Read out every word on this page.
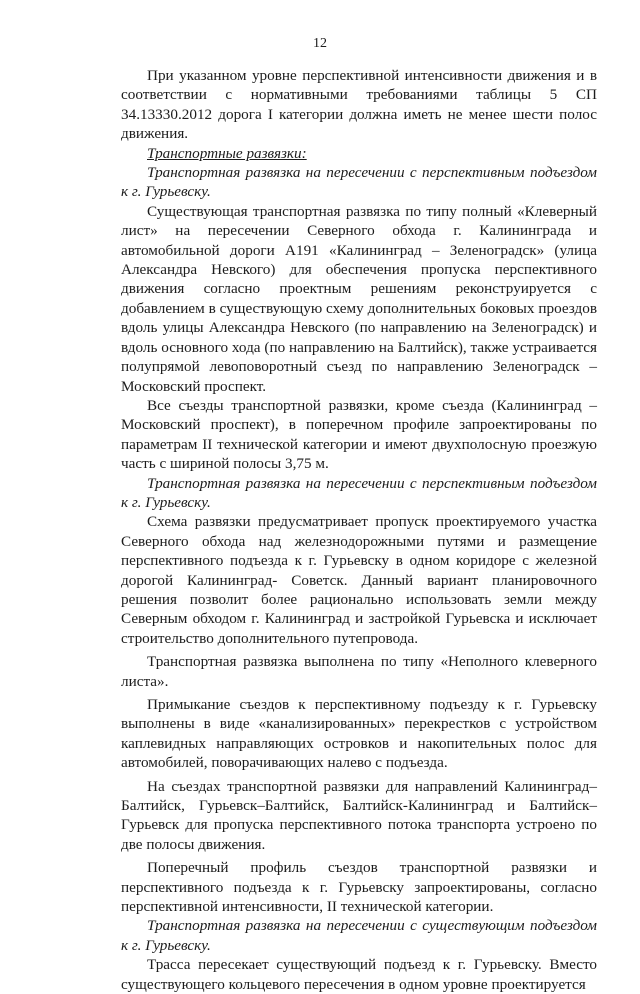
12

При указанном уровне перспективной интенсивности движения и в соответствии с нормативными требованиями таблицы 5 СП 34.13330.2012 дорога I категории должна иметь не менее шести полос движения.

Транспортные развязки:

Транспортная развязка на пересечении с перспективным подъездом к г. Гурьевску.

Существующая транспортная развязка по типу полный «Клеверный лист» на пересечении Северного обхода г. Калининграда и автомобильной дороги А191 «Калининград – Зеленоградск» (улица Александра Невского) для обеспечения пропуска перспективного движения согласно проектным решениям реконструируется с добавлением в существующую схему дополнительных боковых проездов вдоль улицы Александра Невского (по направлению на Зеленоградск) и вдоль основного хода (по направлению на Балтийск), также устраивается полупрямой левоповоротный съезд по направлению Зеленоградск – Московский проспект.

Все съезды транспортной развязки, кроме съезда (Калининград – Московский проспект), в поперечном профиле запроектированы по параметрам II технической категории и имеют двухполосную проезжую часть с шириной полосы 3,75 м.

Транспортная развязка на пересечении с перспективным подъездом к г. Гурьевску.

Схема развязки предусматривает пропуск проектируемого участка Северного обхода над железнодорожными путями и размещение перспективного подъезда к г. Гурьевску в одном коридоре с железной дорогой Калининград- Советск. Данный вариант планировочного решения позволит более рационально использовать земли между Северным обходом г. Калининград и застройкой Гурьевска и исключает строительство дополнительного путепровода.

Транспортная развязка выполнена по типу «Неполного клеверного листа».

Примыкание съездов к перспективному подъезду к г. Гурьевску выполнены в виде «канализированных» перекрестков с устройством каплевидных направляющих островков и накопительных полос для автомобилей, поворачивающих налево с подъезда.

На съездах транспортной развязки для направлений Калининград–Балтийск, Гурьевск–Балтийск, Балтийск-Калининград и Балтийск–Гурьевск для пропуска перспективного потока транспорта устроено по две полосы движения.

Поперечный профиль съездов транспортной развязки и перспективного подъезда к г. Гурьевску запроектированы, согласно перспективной интенсивности, II технической категории.

Транспортная развязка на пересечении с существующим подъездом к г. Гурьевску.

Трасса пересекает существующий подъезд к г. Гурьевску. Вместо существующего кольцевого пересечения в одном уровне проектируется
